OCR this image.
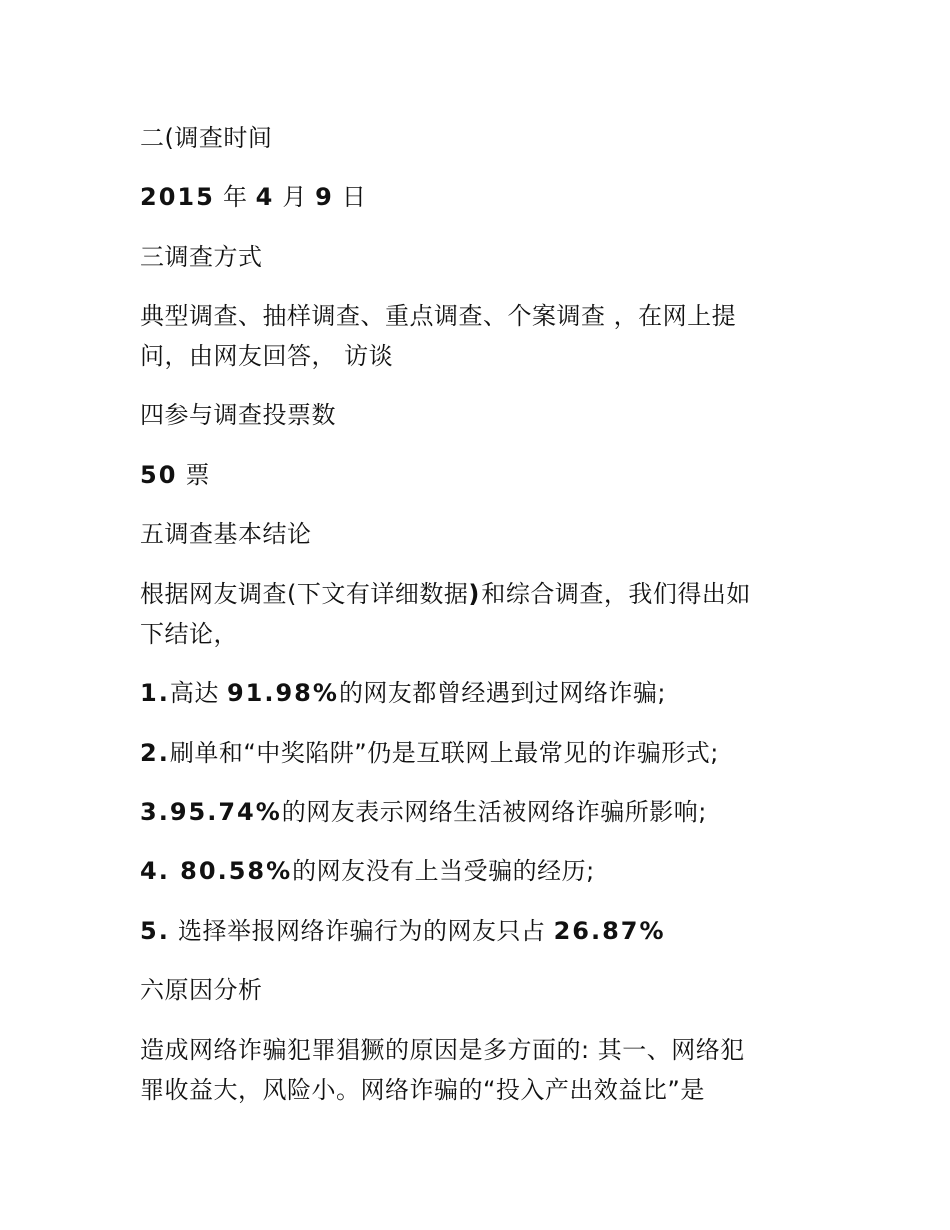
二(调查时间

2015 年 4 月 9 日

三调查方式

典型调查、抽样调查、重点调查、个案调查 ，在网上提

问，由网友回答， 访谈

四参与调查投票数

50 票

五调查基本结论

根据网友调查(下文有详细数据)和综合调查，我们得出如

下结论，

1.高达 91.98%的网友都曾经遇到过网络诈骗;

2.刷单和“中奖陷阱”仍是互联网上最常见的诈骗形式;

3.95.74%的网友表示网络生活被网络诈骗所影响;

4. 80.58%的网友没有上当受骗的经历;

5. 选择举报网络诈骗行为的网友只占 26.87%

六原因分析

造成网络诈骗犯罪猖獗的原因是多方面的: 其一、网络犯

罪收益大，风险小。网络诈骗的“投入产出效益比”是
